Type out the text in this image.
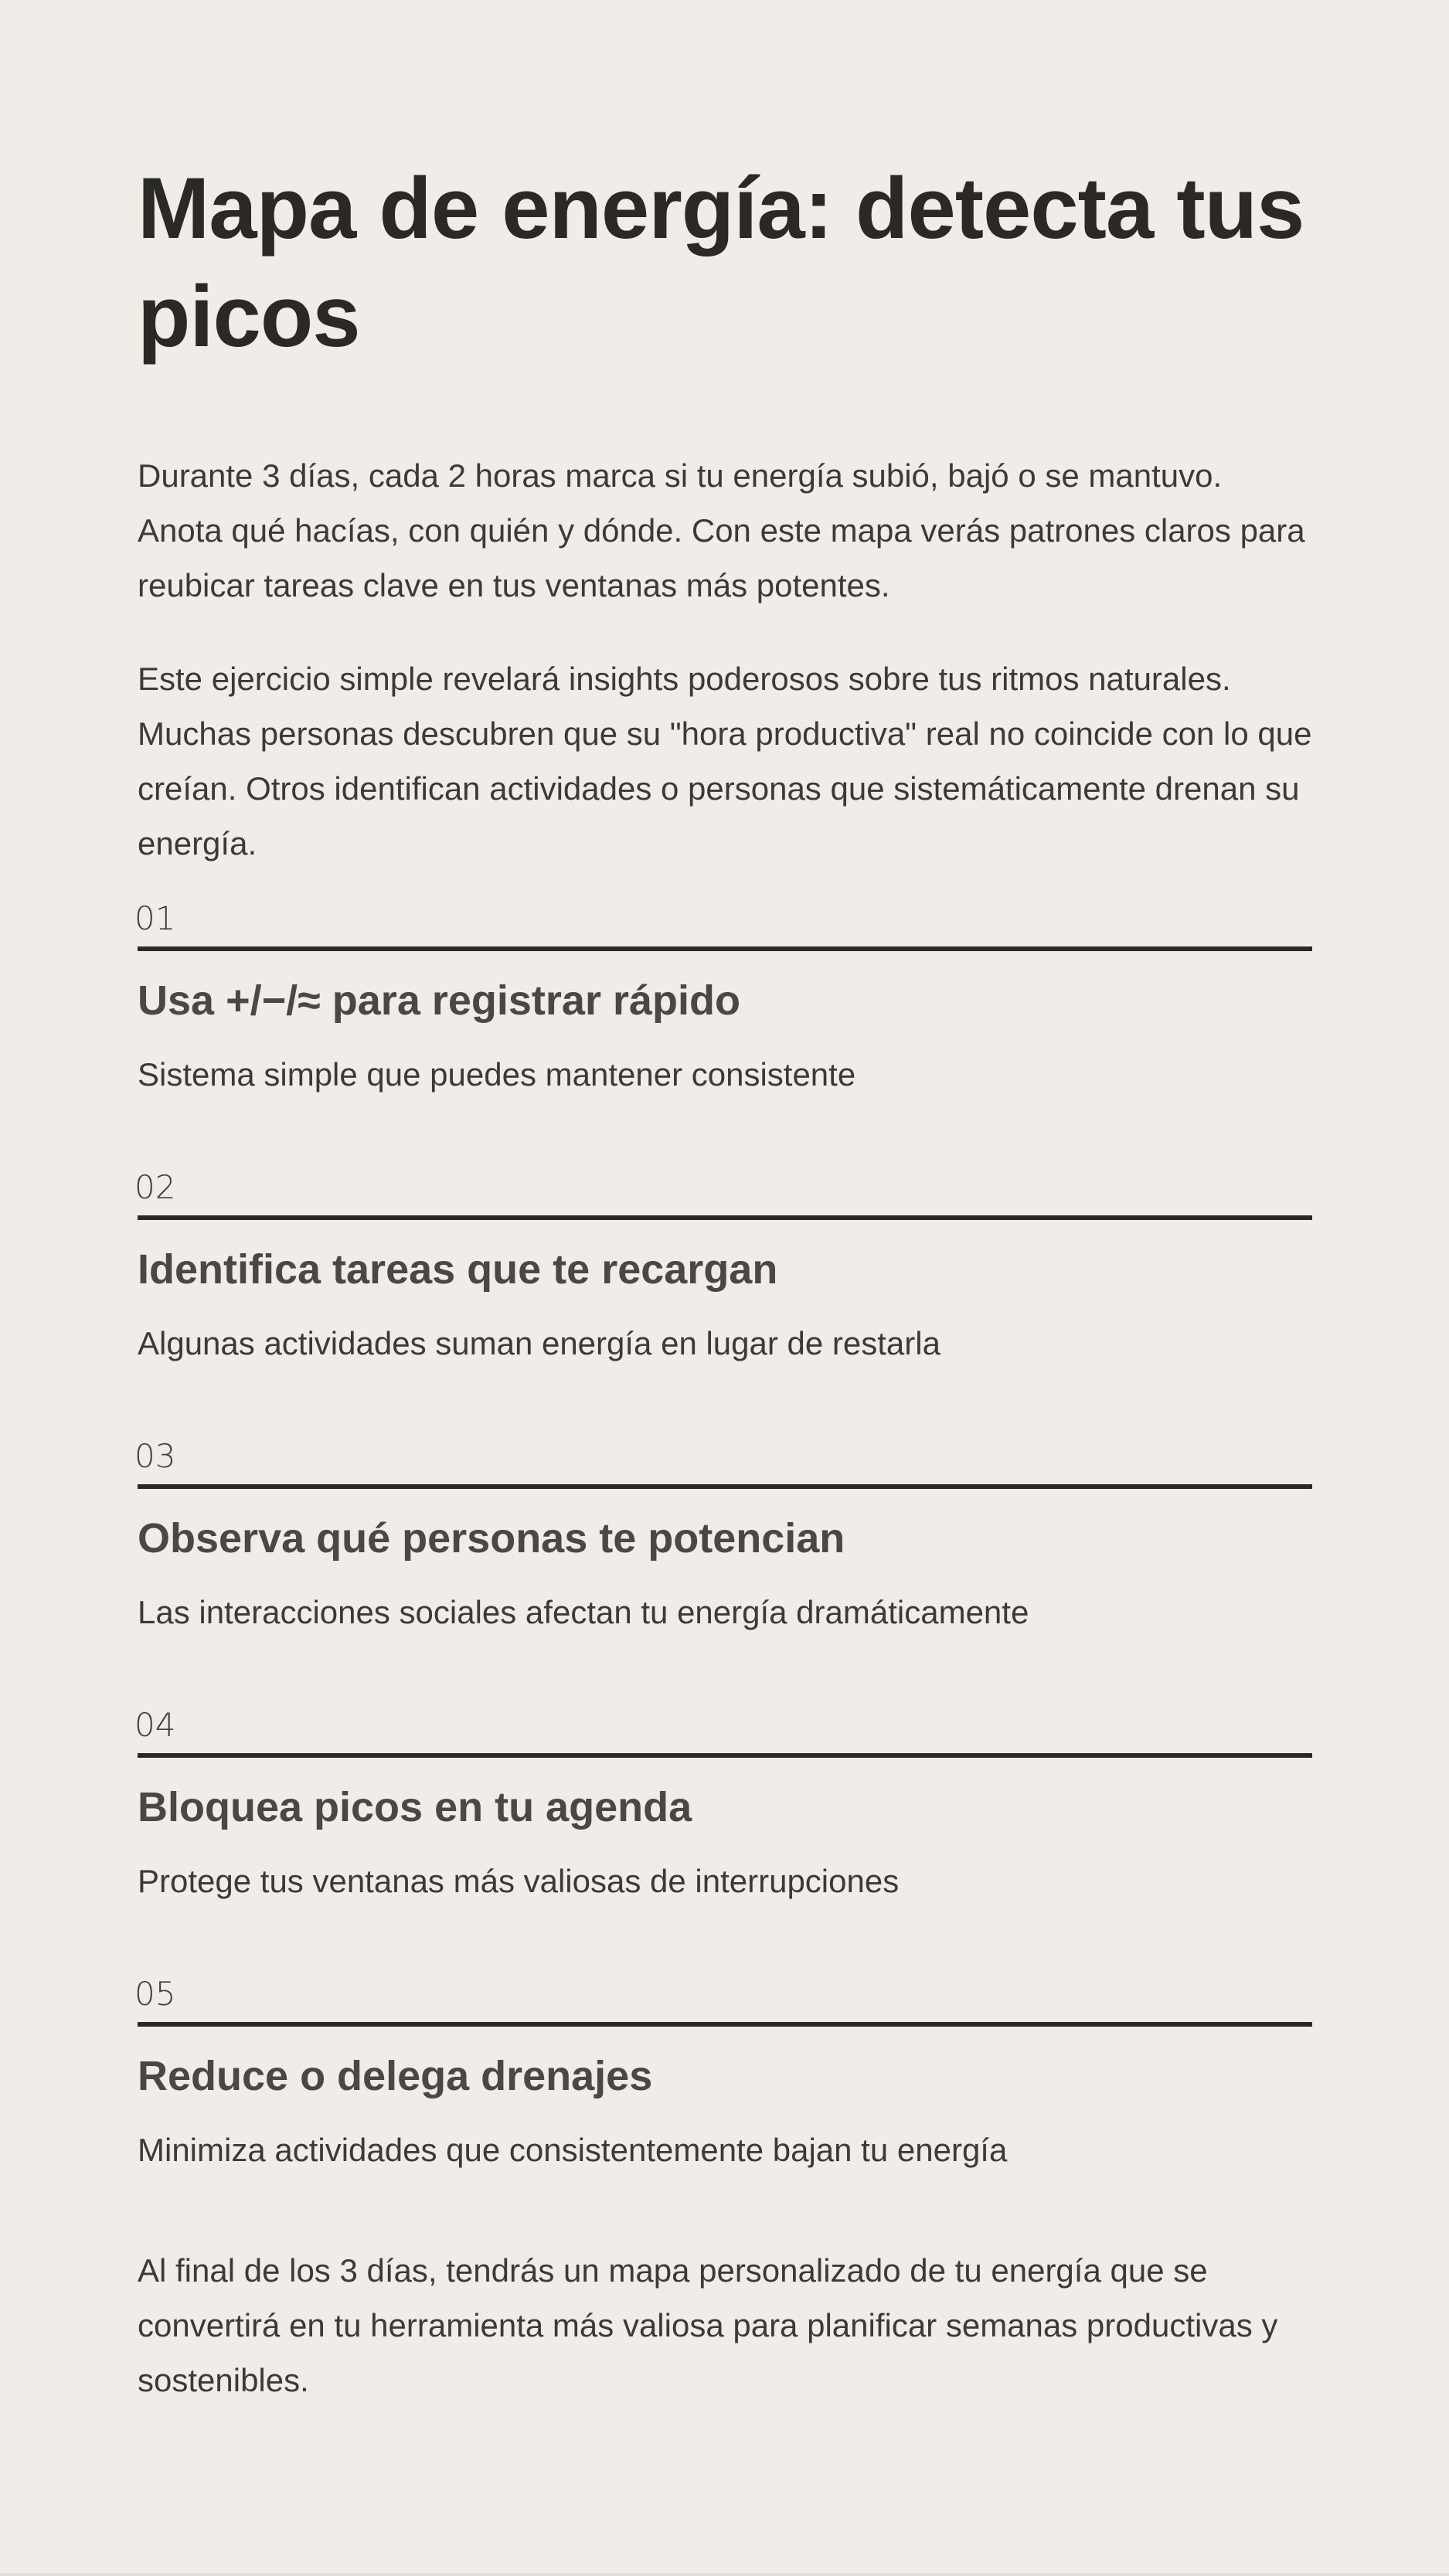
Mapa de energía: detecta tus picos

Durante 3 días, cada 2 horas marca si tu energía subió, bajó o se mantuvo. Anota qué hacías, con quién y dónde. Con este mapa verás patrones claros para reubicar tareas clave en tus ventanas más potentes.

Este ejercicio simple revelará insights poderosos sobre tus ritmos naturales. Muchas personas descubren que su "hora productiva" real no coincide con lo que creían. Otros identifican actividades o personas que sistemáticamente drenan su energía.

01
Usa +/−/≈ para registrar rápido

Sistema simple que puedes mantener consistente

02
Identifica tareas que te recargan

Algunas actividades suman energía en lugar de restarla

03
Observa qué personas te potencian

Las interacciones sociales afectan tu energía dramáticamente

04
Bloquea picos en tu agenda

Protege tus ventanas más valiosas de interrupciones

05
Reduce o delega drenajes

Minimiza actividades que consistentemente bajan tu energía

Al final de los 3 días, tendrás un mapa personalizado de tu energía que se convertirá en tu herramienta más valiosa para planificar semanas productivas y sostenibles.
